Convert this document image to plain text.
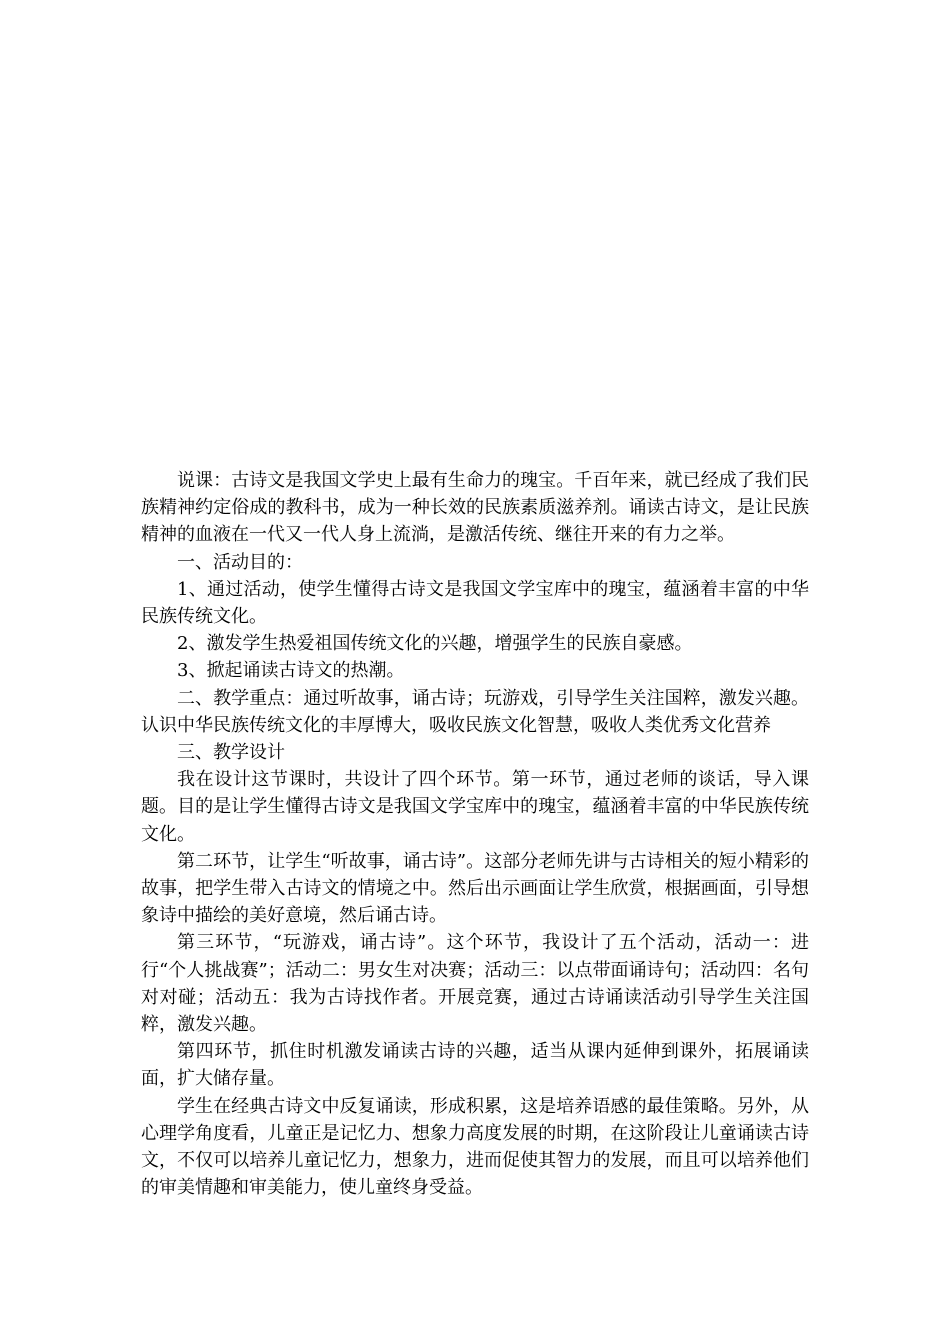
说课：古诗文是我国文学史上最有生命力的瑰宝。千百年来，就已经成了我们民族精神约定俗成的教科书，成为一种长效的民族素质滋养剂。诵读古诗文，是让民族精神的血液在一代又一代人身上流淌，是激活传统、继往开来的有力之举。

一、活动目的：

1、通过活动，使学生懂得古诗文是我国文学宝库中的瑰宝，蕴涵着丰富的中华民族传统文化。

2、激发学生热爱祖国传统文化的兴趣，增强学生的民族自豪感。

3、掀起诵读古诗文的热潮。

二、教学重点：通过听故事，诵古诗；玩游戏，引导学生关注国粹，激发兴趣。认识中华民族传统文化的丰厚博大，吸收民族文化智慧，吸收人类优秀文化营养

三、教学设计

我在设计这节课时，共设计了四个环节。第一环节，通过老师的谈话，导入课题。目的是让学生懂得古诗文是我国文学宝库中的瑰宝，蕴涵着丰富的中华民族传统文化。

第二环节，让学生“听故事，诵古诗”。这部分老师先讲与古诗相关的短小精彩的故事，把学生带入古诗文的情境之中。然后出示画面让学生欣赏，根据画面，引导想象诗中描绘的美好意境，然后诵古诗。

第三环节，“玩游戏，诵古诗”。这个环节，我设计了五个活动，活动一：进行“个人挑战赛”；活动二：男女生对决赛；活动三：以点带面诵诗句；活动四：名句对对碰；活动五：我为古诗找作者。开展竞赛，通过古诗诵读活动引导学生关注国粹，激发兴趣。

第四环节，抓住时机激发诵读古诗的兴趣，适当从课内延伸到课外，拓展诵读面，扩大储存量。

学生在经典古诗文中反复诵读，形成积累，这是培养语感的最佳策略。另外，从心理学角度看，儿童正是记忆力、想象力高度发展的时期，在这阶段让儿童诵读古诗文，不仅可以培养儿童记忆力，想象力，进而促使其智力的发展，而且可以培养他们的审美情趣和审美能力，使儿童终身受益。
